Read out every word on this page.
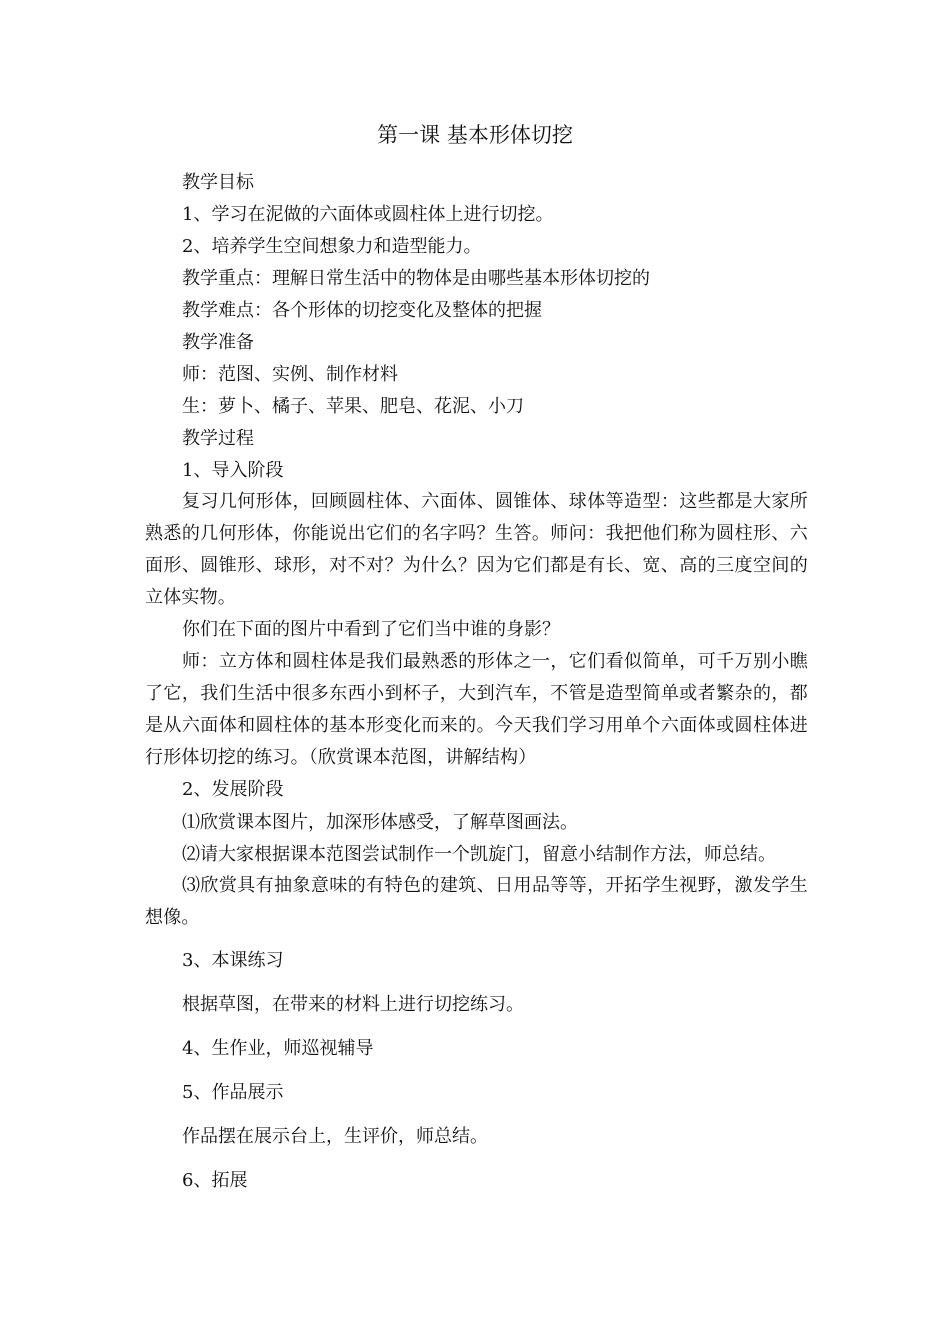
第一课 基本形体切挖
教学目标
1、学习在泥做的六面体或圆柱体上进行切挖。
2、培养学生空间想象力和造型能力。
教学重点：理解日常生活中的物体是由哪些基本形体切挖的
教学难点：各个形体的切挖变化及整体的把握
教学准备
师：范图、实例、制作材料
生：萝卜、橘子、苹果、肥皂、花泥、小刀
教学过程
1、导入阶段
复习几何形体，回顾圆柱体、六面体、圆锥体、球体等造型：这些都是大家所熟悉的几何形体，你能说出它们的名字吗？生答。师问：我把他们称为圆柱形、六面形、圆锥形、球形，对不对？为什么？因为它们都是有长、宽、高的三度空间的立体实物。
你们在下面的图片中看到了它们当中谁的身影？
师：立方体和圆柱体是我们最熟悉的形体之一，它们看似简单，可千万别小瞧了它，我们生活中很多东西小到杯子，大到汽车，不管是造型简单或者繁杂的，都是从六面体和圆柱体的基本形变化而来的。今天我们学习用单个六面体或圆柱体进行形体切挖的练习。（欣赏课本范图，讲解结构）
2、发展阶段
⑴欣赏课本图片，加深形体感受，了解草图画法。
⑵请大家根据课本范图尝试制作一个凯旋门，留意小结制作方法，师总结。
⑶欣赏具有抽象意味的有特色的建筑、日用品等等，开拓学生视野，激发学生想像。
3、本课练习
根据草图，在带来的材料上进行切挖练习。
4、生作业，师巡视辅导
5、作品展示
作品摆在展示台上，生评价，师总结。
6、拓展
